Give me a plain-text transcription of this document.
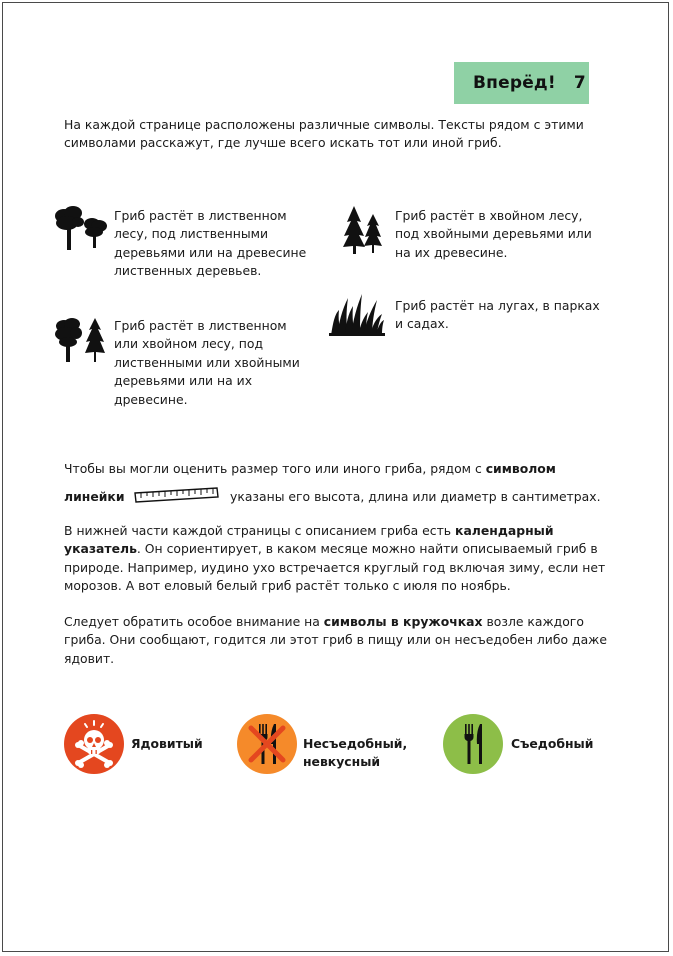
Вперёд! 7

На каждой странице расположены различные символы. Тексты рядом с этими символами расскажут, где лучше всего искать тот или иной гриб.

Гриб растёт в лиственном лесу, под лиственными деревьями или на древесине лиственных деревьев.

Гриб растёт в хвойном лесу, под хвойными деревьями или на их древесине.

Гриб растёт в лиственном или хвойном лесу, под лиственными или хвойными деревьями или на их древесине.

Гриб растёт на лугах, в парках и садах.

Чтобы вы могли оценить размер того или иного гриба, рядом с символом
линейки	указаны его высота, длина или диаметр в сантиметрах.

В нижней части каждой страницы с описанием гриба есть календарный указатель. Он сориентирует, в каком месяце можно найти описываемый гриб в природе. Например, иудино ухо встречается круглый год включая зиму, если нет морозов. А вот еловый белый гриб растёт только с июля по ноябрь.

Следует обратить особое внимание на символы в кружочках возле каждого гриба. Они сообщают, годится ли этот гриб в пищу или он несъедобен либо даже ядовит.

Ядовитый	Несъедобный,
невкусный
Съедобный
